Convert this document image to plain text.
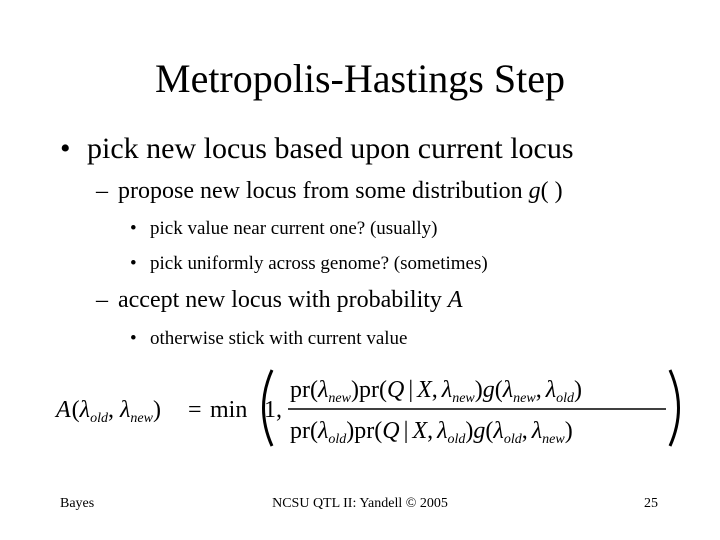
Metropolis-Hastings Step
• pick new locus based upon current locus
– propose new locus from some distribution g( )
• pick value near current one? (usually)
• pick uniformly across genome? (sometimes)
– accept new locus with probability A
• otherwise stick with current value
$A(\lambda_{old}$, $\lambda_{new}) = \min 1$,
$pr(\lambda_{new})pr(Q$ | X, $\lambda_{new})g(\lambda_{new}$, $\lambda_{old}$)
$pr(\lambda_{old})pr(Q$ | X, $\lambda_{old})g(\lambda_{old}$, $\lambda_{new}$)
Bayes	NCSU QTL II: Yandell © 2005	25
